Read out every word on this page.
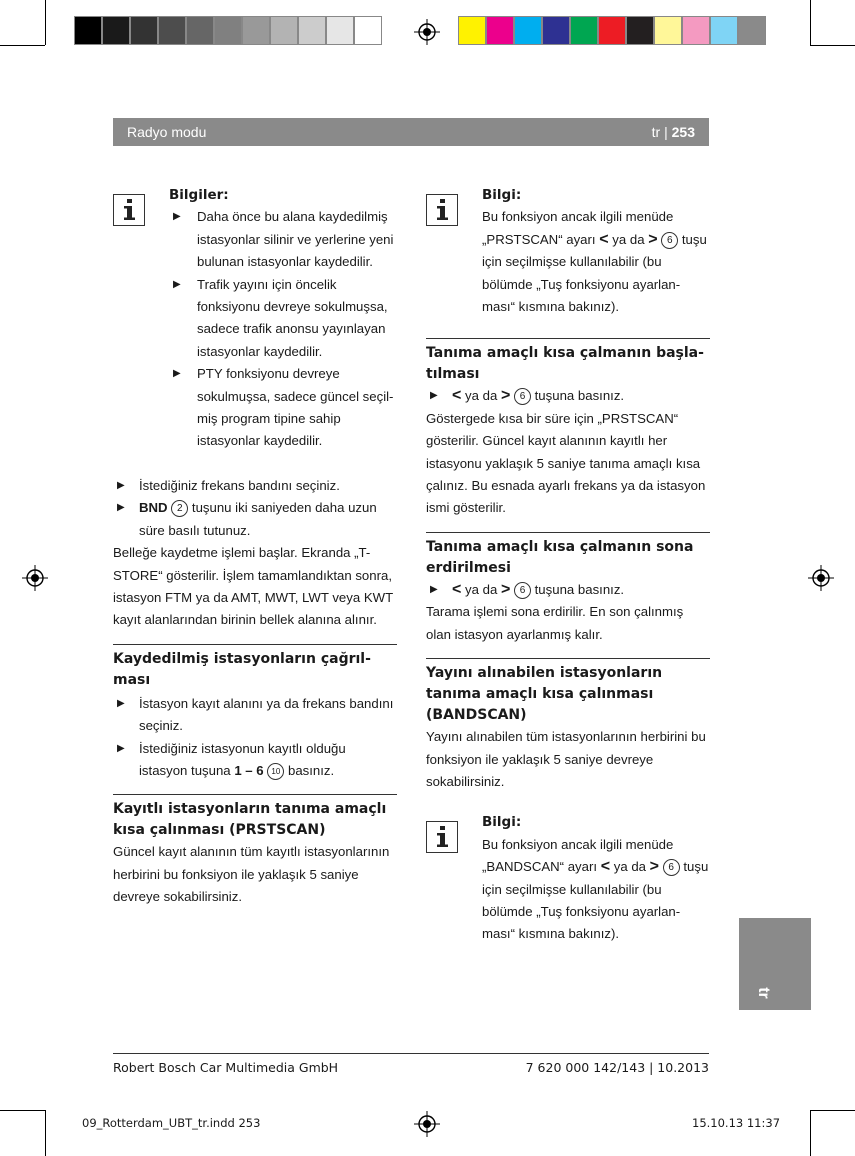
Radyo modu	tr | 253

Bilgiler:

▶ Daha önce bu alana kaydedilmiş istasyonlar silinir ve yerlerine yeni bulunan istasyonlar kaydedilir.
▶ Trafik yayını için öncelik fonksiyonu devreye sokulmuşsa, sadece trafik anonsu yayınlayan istasyonlar kaydedilir.
▶ PTY fonksiyonu devreye sokulmuşsa, sadece güncel seçil-miş program tipine sahip istasyonlar kaydedilir.
▶ İstediğiniz frekans bandını seçiniz.
▶ BND 2 tuşunu iki saniyeden daha uzun süre basılı tutunuz.

Belleğe kaydetme işlemi başlar. Ekranda „T-STORE“ gösterilir. İşlem tamamlandıktan sonra, istasyon FTM ya da AMT, MWT, LWT veya KWT kayıt alanlarından birinin bellek alanına alınır.

Kaydedilmiş istasyonların çağrıl-ması

▶ İstasyon kayıt alanını ya da frekans bandını seçiniz.
▶ İstediğiniz istasyonun kayıtlı olduğu istasyon tuşuna 1 – 6 10 basınız.

Kayıtlı istasyonların tanıma amaçlı kısa çalınması (PRSTSCAN)

Güncel kayıt alanının tüm kayıtlı istasyonlarının herbirini bu fonksiyon ile yaklaşık 5 saniye devreye sokabilirsiniz.

Bilgi:

Bu fonksiyon ancak ilgili menüde „PRSTSCAN“ ayarı < ya da > 6 tuşu için seçilmişse kullanılabilir (bu bölümde „Tuş fonksiyonu ayarlan-ması“ kısmına bakınız).

Tanıma amaçlı kısa çalmanın başla-tılması

▶ < ya da > 6 tuşuna basınız.

Göstergede kısa bir süre için „PRSTSCAN“ gösterilir. Güncel kayıt alanının kayıtlı her istasyonu yaklaşık 5 saniye tanıma amaçlı kısa çalınız. Bu esnada ayarlı frekans ya da istasyon ismi gösterilir.

Tanıma amaçlı kısa çalmanın sona erdirilmesi

▶ < ya da > 6 tuşuna basınız.

Tarama işlemi sona erdirilir. En son çalınmış olan istasyon ayarlanmış kalır.

Yayını alınabilen istasyonların tanıma amaçlı kısa çalınması (BANDSCAN)

Yayını alınabilen tüm istasyonlarının herbirini bu fonksiyon ile yaklaşık 5 saniye devreye sokabilirsiniz.

Bilgi:

Bu fonksiyon ancak ilgili menüde „BANDSCAN“ ayarı < ya da > 6 tuşu için seçilmişse kullanılabilir (bu bölümde „Tuş fonksiyonu ayarlan-ması“ kısmına bakınız).

tr
Robert Bosch Car Multimedia GmbH	7 620 000 142/143 | 10.2013
09_Rotterdam_UBT_tr.indd 253	15.10.13 11:37
